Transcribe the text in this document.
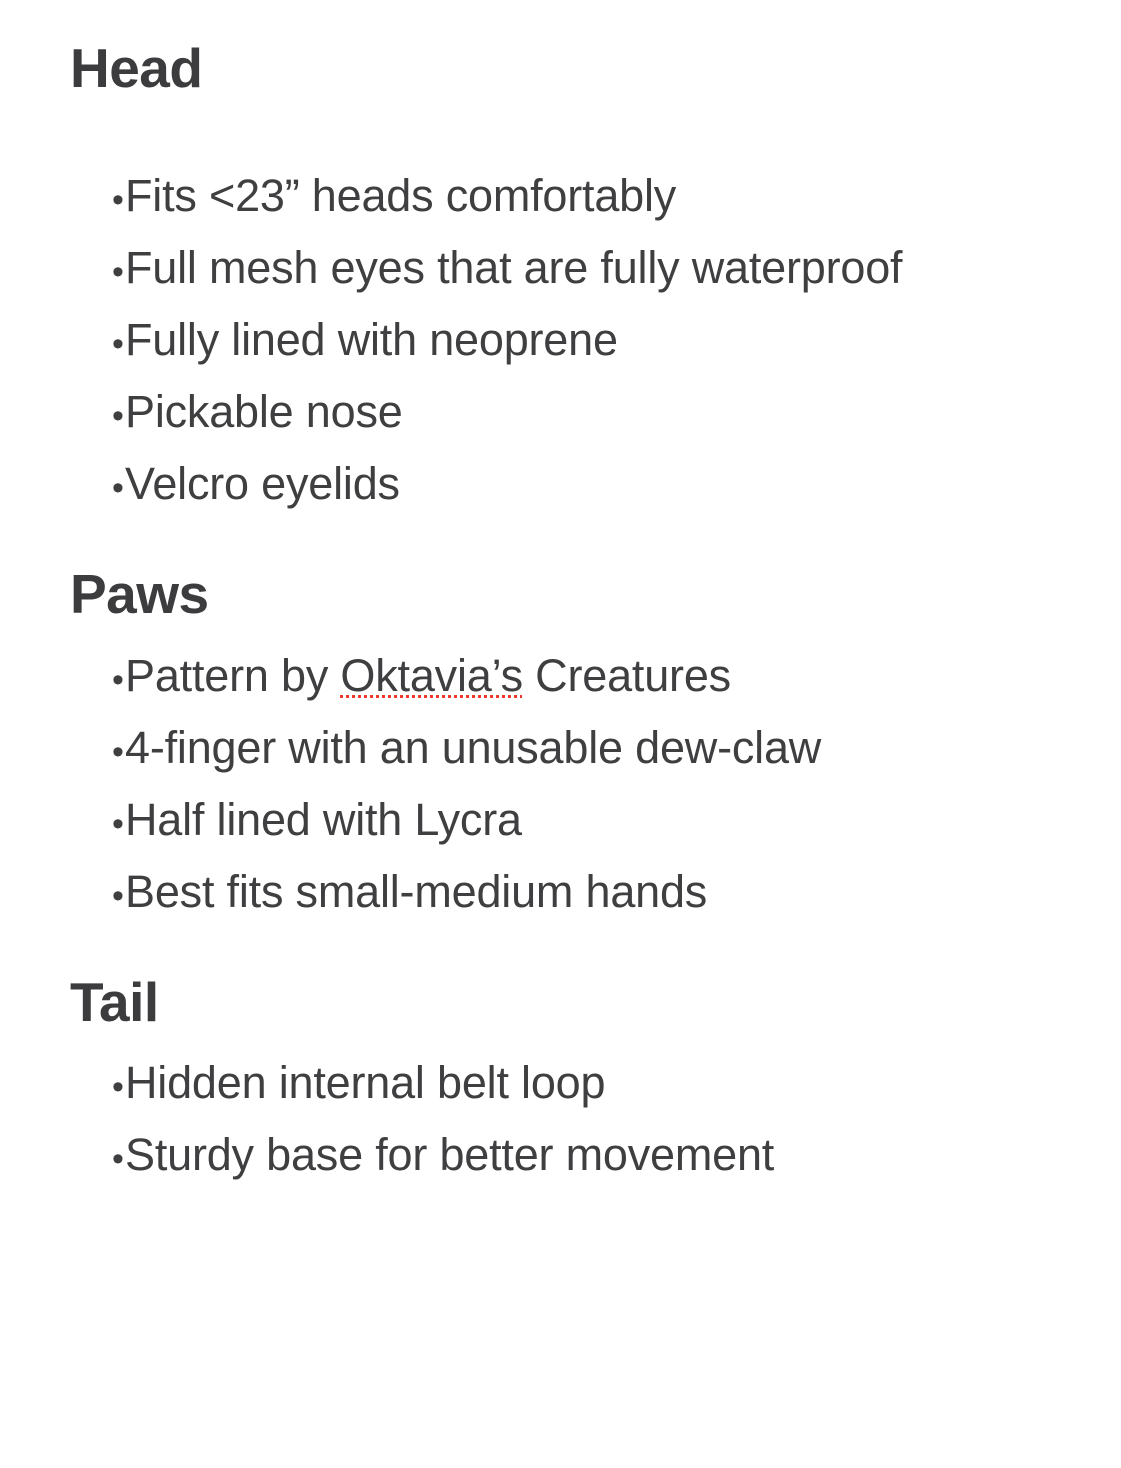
Head
• Fits <23” heads comfortably
• Full mesh eyes that are fully waterproof
• Fully lined with neoprene
• Pickable nose
• Velcro eyelids
Paws
• Pattern by Oktavia’s Creatures
• 4-finger with an unusable dew-claw
• Half lined with Lycra
• Best fits small-medium hands
Tail
• Hidden internal belt loop
• Sturdy base for better movement
